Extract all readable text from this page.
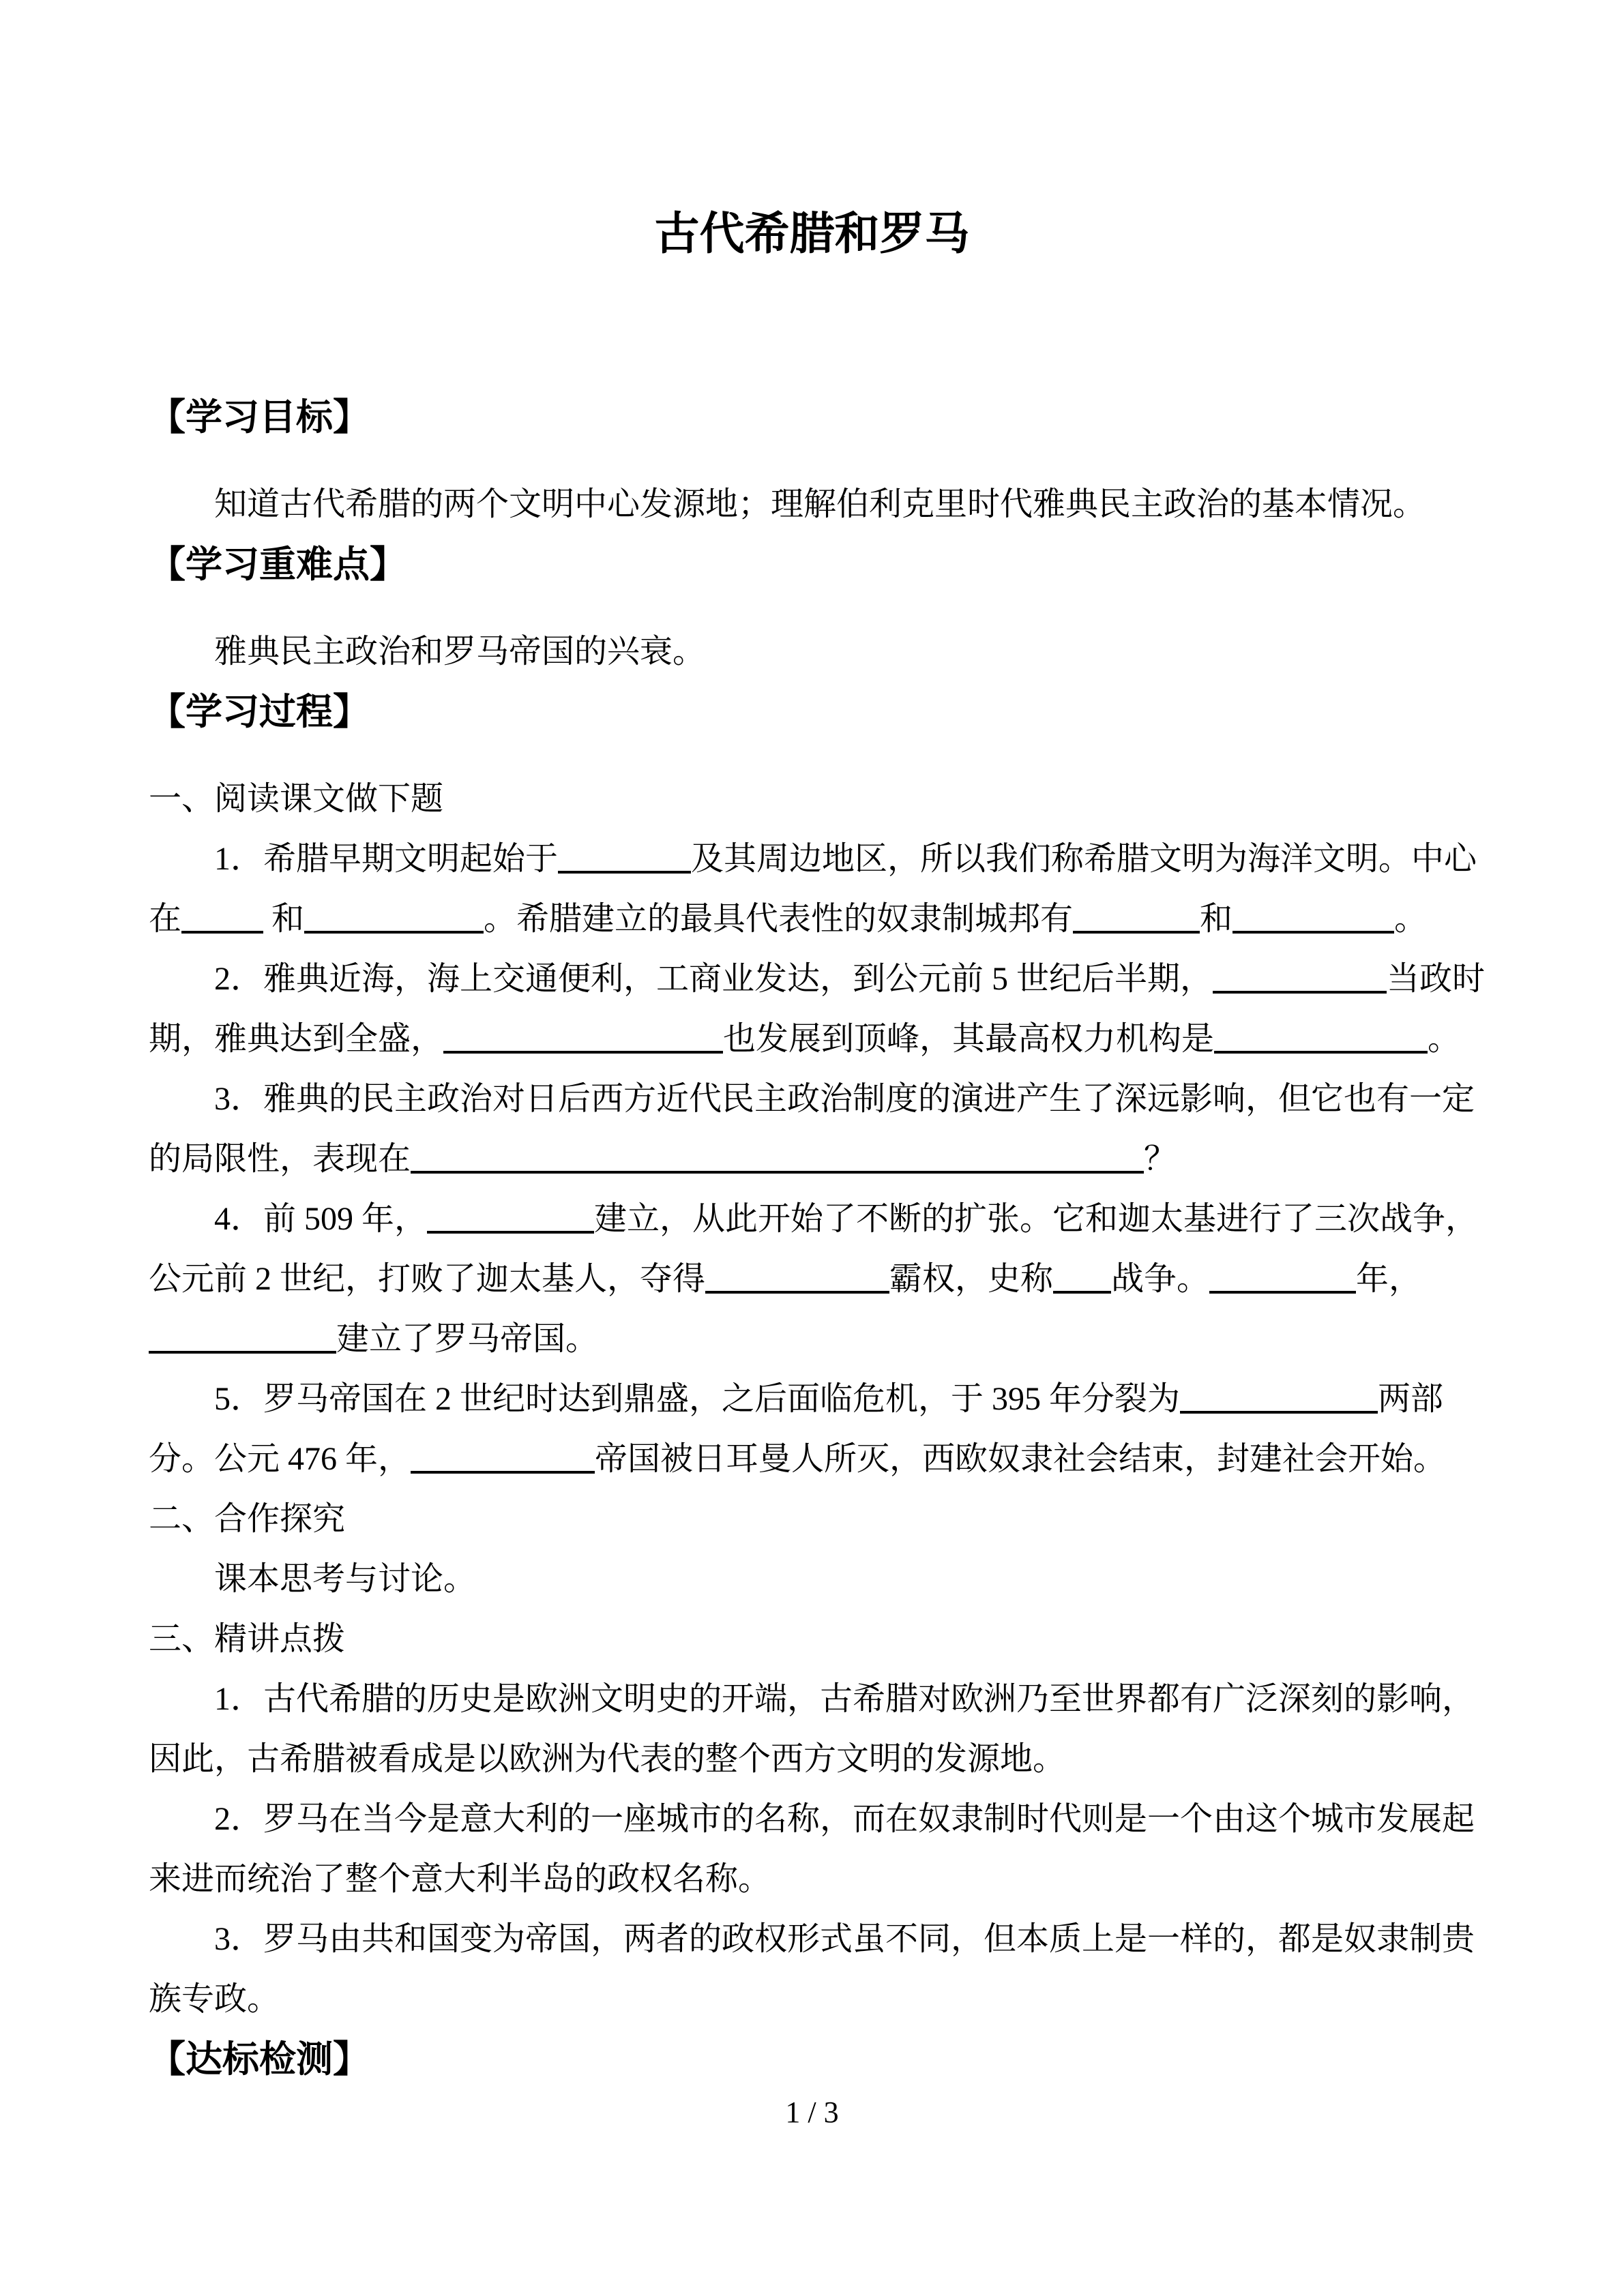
古代希腊和罗马
【学习目标】
知道古代希腊的两个文明中心发源地；理解伯利克里时代雅典民主政治的基本情况。
【学习重难点】
雅典民主政治和罗马帝国的兴衰。
【学习过程】
一、阅读课文做下题
1．希腊早期文明起始于	及其周边地区，所以我们称希腊文明为海洋文明。中心
在	和	。希腊建立的最具代表性的奴隶制城邦有	和	。
2．雅典近海，海上交通便利，工商业发达，到公元前 5 世纪后半期，	当政时
期，雅典达到全盛，	也发展到顶峰，其最高权力机构是	。
3．雅典的民主政治对日后西方近代民主政治制度的演进产生了深远影响，但它也有一定
的局限性，表现在	？
4．前 509 年，	建立，从此开始了不断的扩张。它和迦太基进行了三次战争，
公元前 2 世纪，打败了迦太基人，夺得	霸权，史称 战争。	年，
建立了罗马帝国。
5．罗马帝国在 2 世纪时达到鼎盛，之后面临危机，于 395 年分裂为	两部
分。公元 476 年，	帝国被日耳曼人所灭，西欧奴隶社会结束，封建社会开始。
二、合作探究
课本思考与讨论。
三、精讲点拨
1．古代希腊的历史是欧洲文明史的开端，古希腊对欧洲乃至世界都有广泛深刻的影响，
因此，古希腊被看成是以欧洲为代表的整个西方文明的发源地。
2．罗马在当今是意大利的一座城市的名称，而在奴隶制时代则是一个由这个城市发展起
来进而统治了整个意大利半岛的政权名称。
3．罗马由共和国变为帝国，两者的政权形式虽不同，但本质上是一样的，都是奴隶制贵
族专政。
【达标检测】
1 / 3
